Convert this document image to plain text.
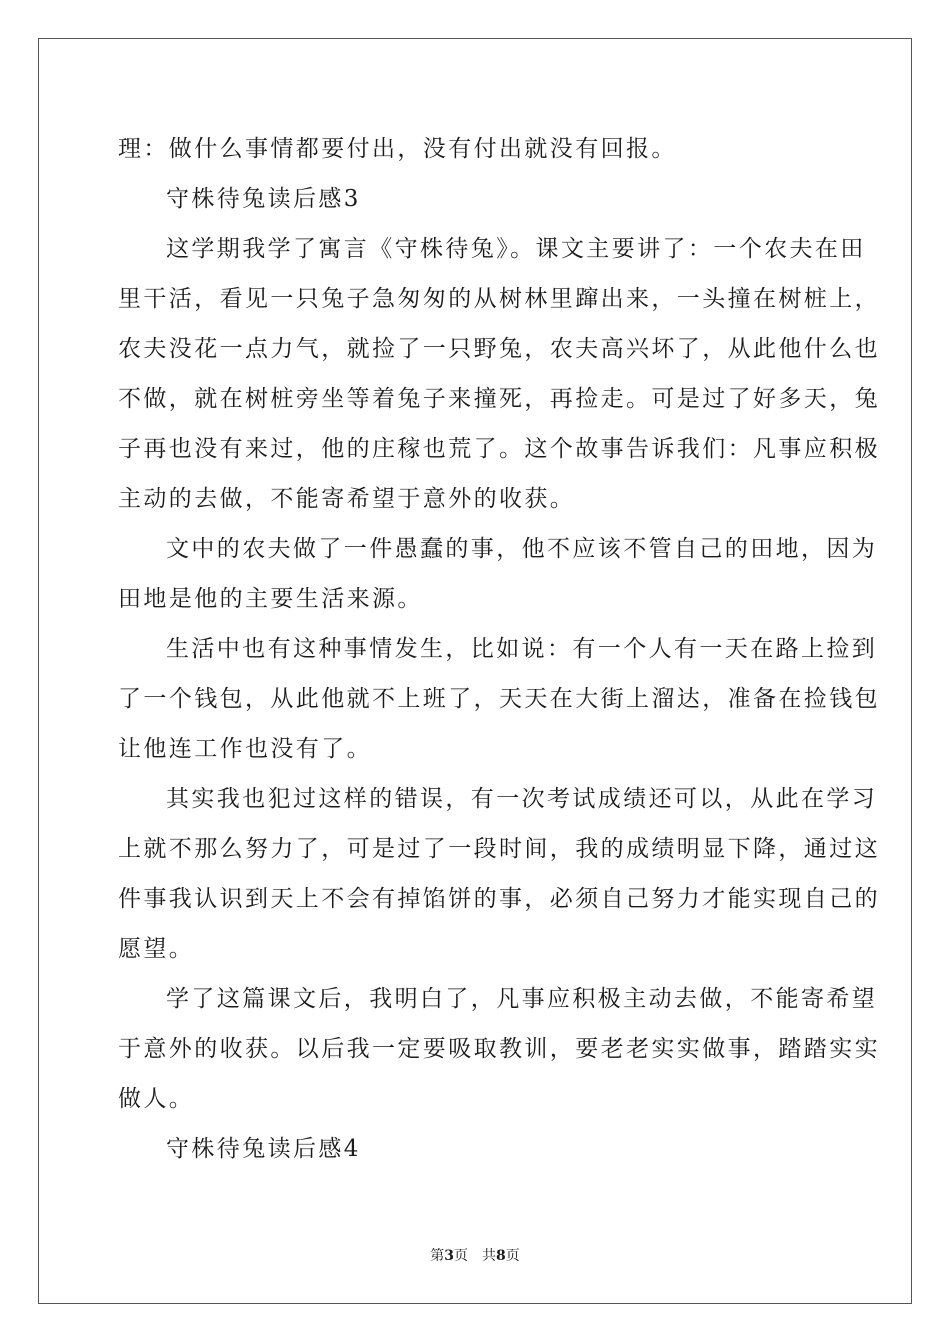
理：做什么事情都要付出，没有付出就没有回报。

守株待兔读后感3

这学期我学了寓言《守株待兔》。课文主要讲了：一个农夫在田

里干活，看见一只兔子急匆匆的从树林里蹿出来，一头撞在树桩上，

农夫没花一点力气，就捡了一只野兔，农夫高兴坏了，从此他什么也

不做，就在树桩旁坐等着兔子来撞死，再捡走。可是过了好多天，兔

子再也没有来过，他的庄稼也荒了。这个故事告诉我们：凡事应积极

主动的去做，不能寄希望于意外的收获。

文中的农夫做了一件愚蠢的事，他不应该不管自己的田地，因为

田地是他的主要生活来源。

生活中也有这种事情发生，比如说：有一个人有一天在路上捡到

了一个钱包，从此他就不上班了，天天在大街上溜达，准备在捡钱包

让他连工作也没有了。

其实我也犯过这样的错误，有一次考试成绩还可以，从此在学习

上就不那么努力了，可是过了一段时间，我的成绩明显下降，通过这

件事我认识到天上不会有掉馅饼的事，必须自己努力才能实现自己的

愿望。

学了这篇课文后，我明白了，凡事应积极主动去做，不能寄希望

于意外的收获。以后我一定要吸取教训，要老老实实做事，踏踏实实

做人。

守株待兔读后感4

第3页　共8页
